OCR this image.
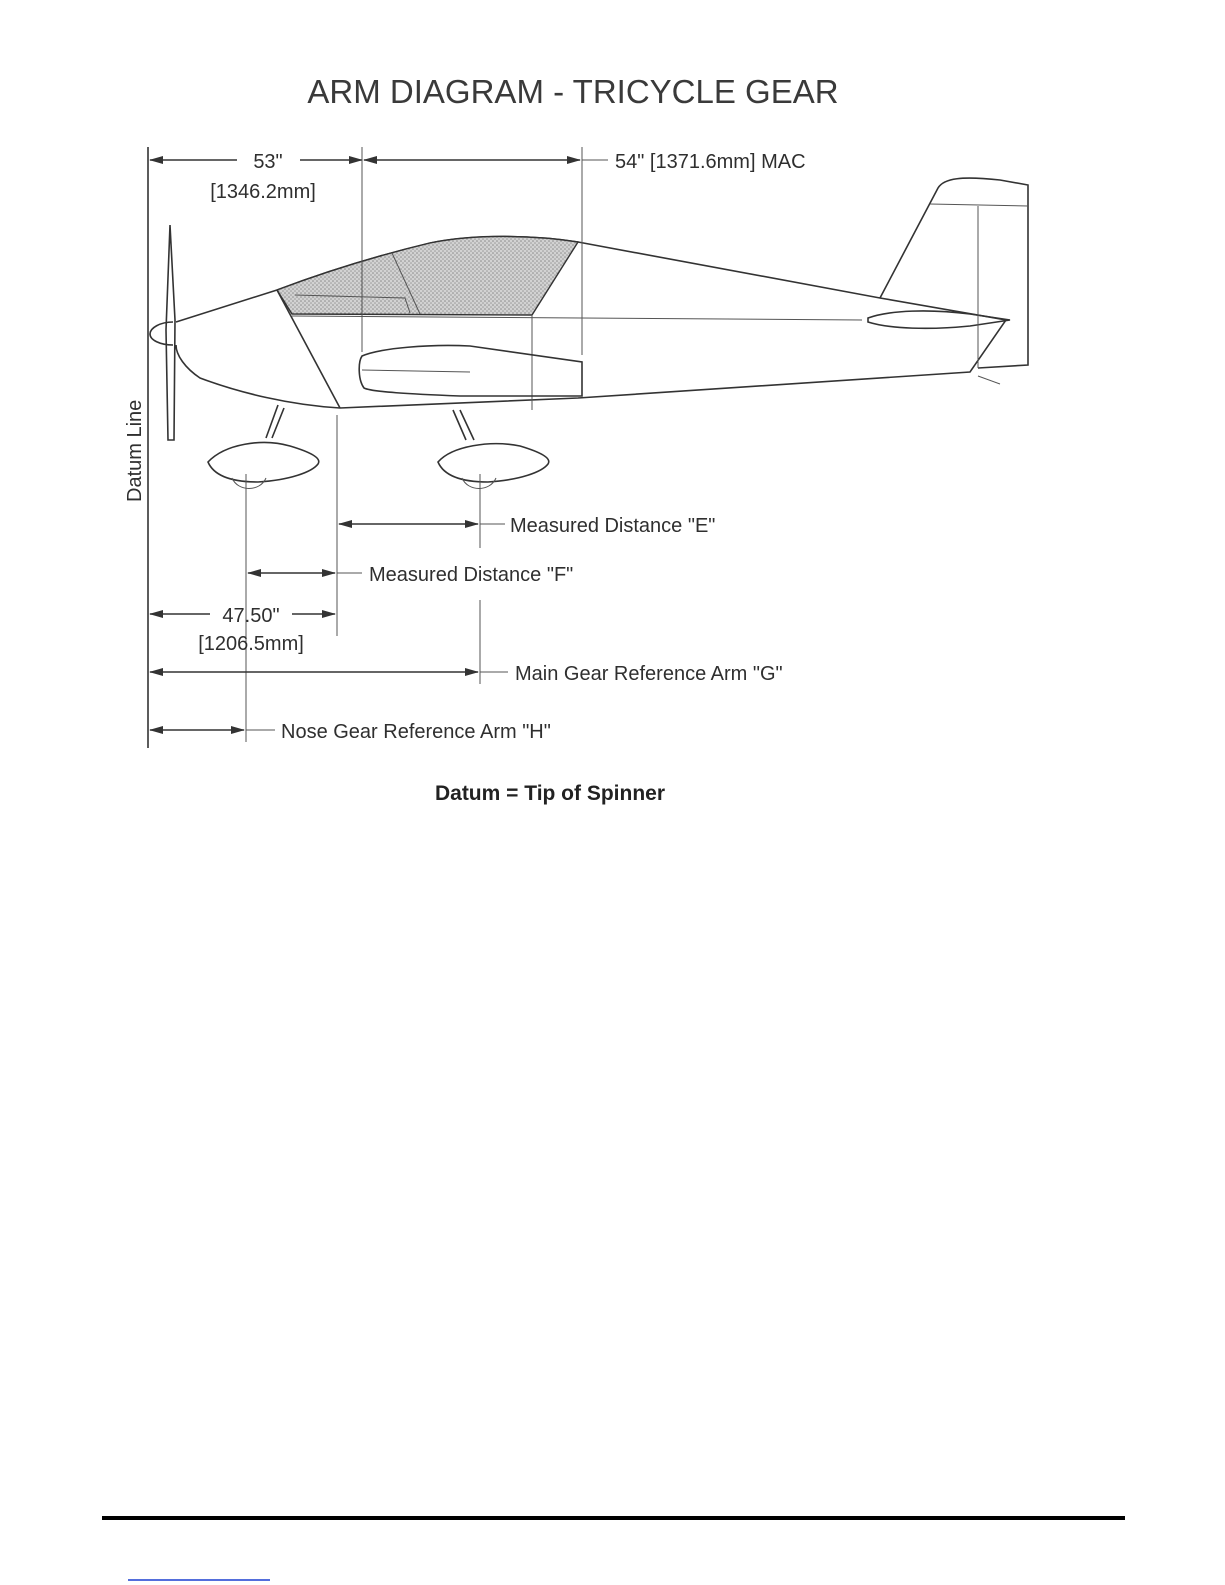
ARM DIAGRAM - TRICYCLE GEAR
Datum Line
53"
[1346.2mm]
54" [1371.6mm] MAC
Measured Distance "E"
Measured Distance "F"
47.50"
[1206.5mm]
Main Gear Reference Arm "G"
Nose Gear Reference Arm "H"
Datum = Tip of Spinner
